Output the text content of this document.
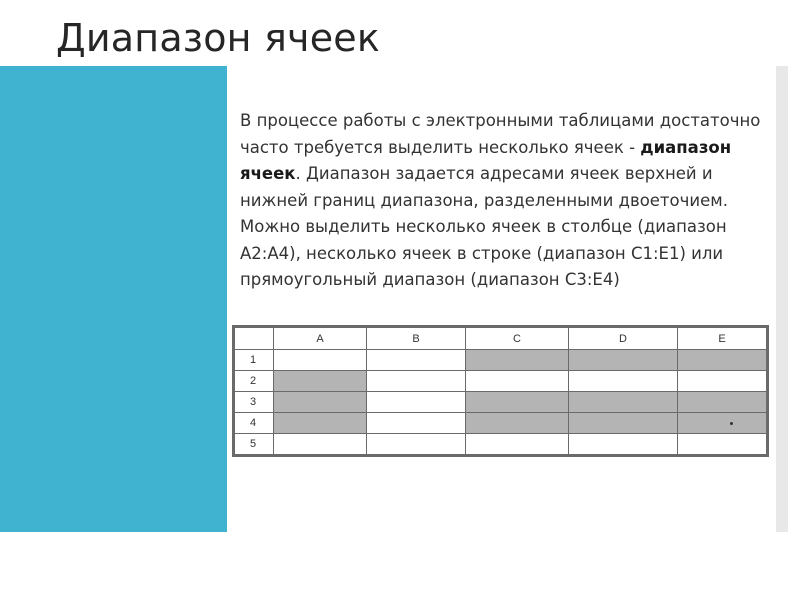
Диапазон ячеек
В процессе работы с электронными таблицами достаточно часто требуется выделить несколько ячеек - диапазон ячеек. Диапазон задается адресами ячеек верхней и нижней границ диапазона, разделенными двоеточием. Можно выделить несколько ячеек в столбце (диапазон A2:A4), несколько ячеек в строке (диапазон C1:E1) или прямоугольный диапазон (диапазон C3:E4)
	A	B	C	D	E
1					
2					
3					
4					
5					
